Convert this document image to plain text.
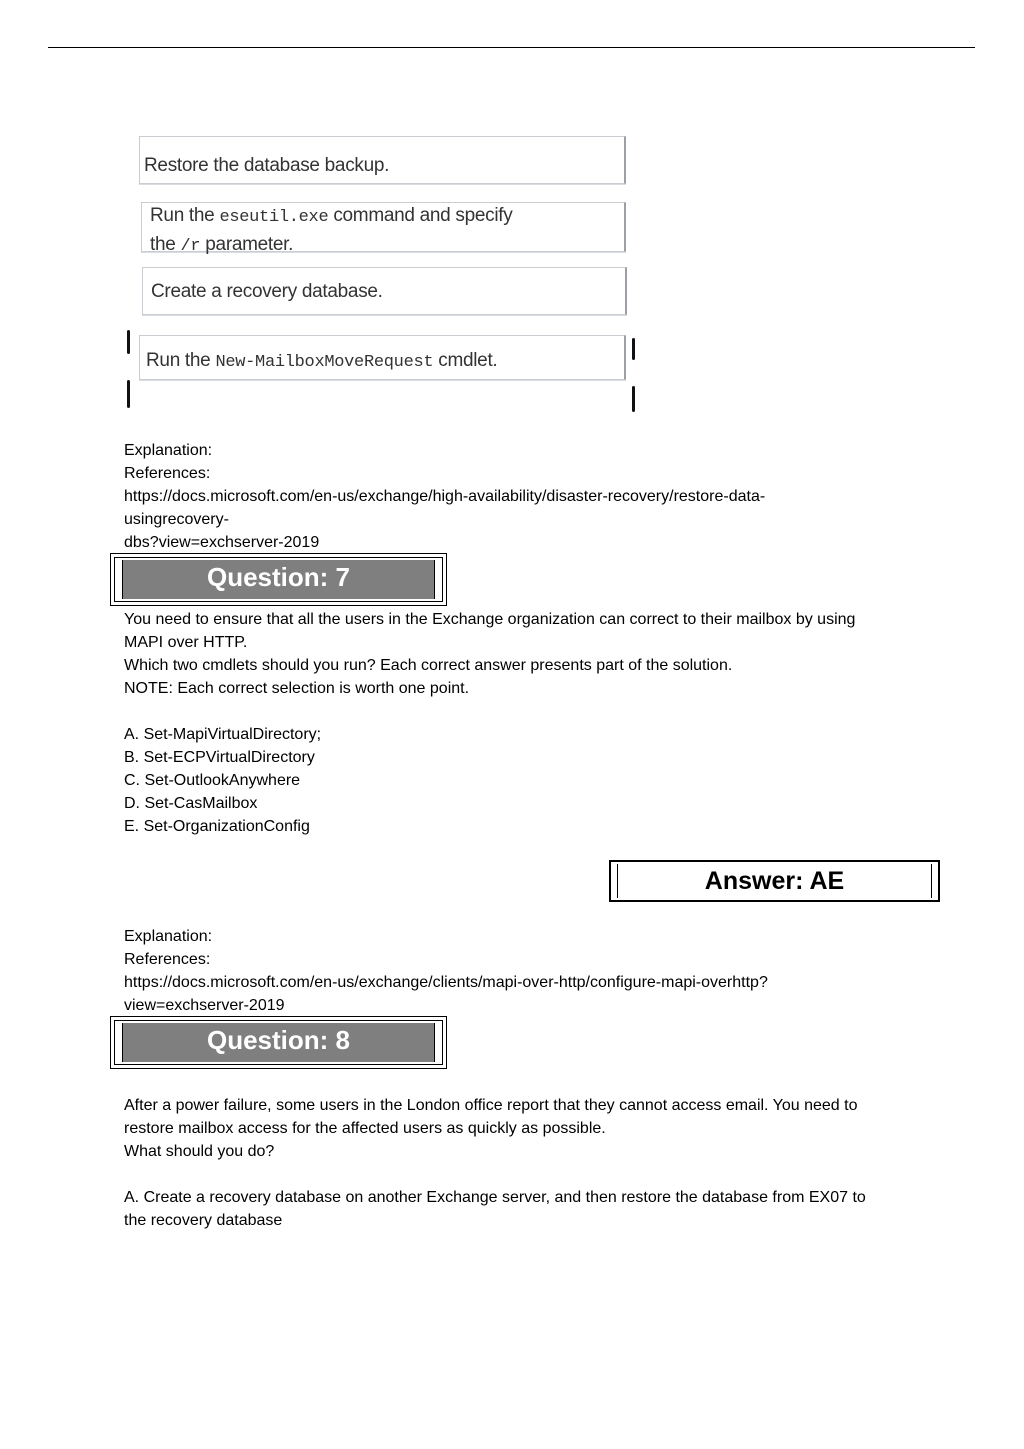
Restore the database backup.
Run the eseutil.exe command and specify
the /r parameter.
Create a recovery database.
Run the New-MailboxMoveRequest cmdlet.
Explanation:
References:
https://docs.microsoft.com/en-us/exchange/high-availability/disaster-recovery/restore-data-
usingrecovery-
dbs?view=exchserver-2019
Question: 7
You need to ensure that all the users in the Exchange organization can correct to their mailbox by using
MAPI over HTTP.
Which two cmdlets should you run? Each correct answer presents part of the solution.
NOTE: Each correct selection is worth one point.
A. Set-MapiVirtualDirectory;
B. Set-ECPVirtualDirectory
C. Set-OutlookAnywhere
D. Set-CasMailbox
E. Set-OrganizationConfig
Answer: AE
Explanation:
References:
https://docs.microsoft.com/en-us/exchange/clients/mapi-over-http/configure-mapi-overhttp?
view=exchserver-2019
Question: 8
After a power failure, some users in the London office report that they cannot access email. You need to
restore mailbox access for the affected users as quickly as possible.
What should you do?
A. Create a recovery database on another Exchange server, and then restore the database from EX07 to
the recovery database
